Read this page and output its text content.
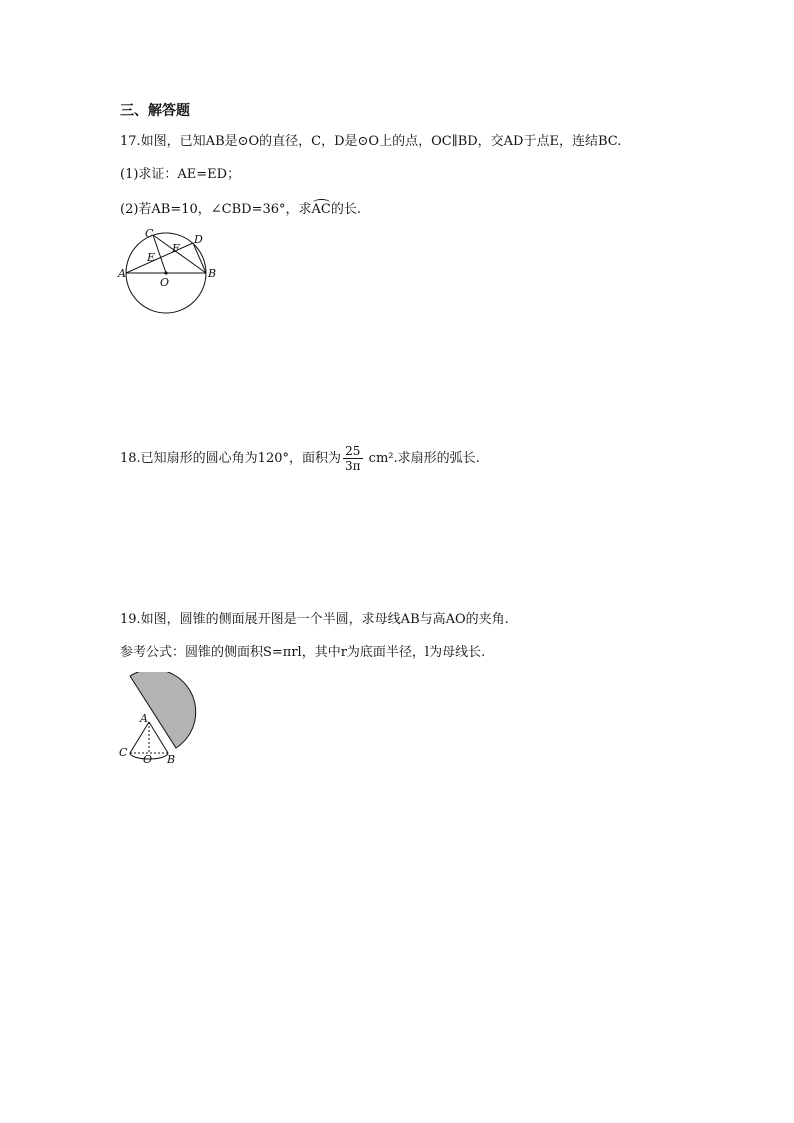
三、解答题
17.如图，已知AB是⊙O的直径，C，D是⊙O上的点，OC∥BD，交AD于点E，连结BC.
(1)求证：AE=ED；
(2)若AB=10，∠CBD=36°，求AC的长.
A	B
C	D
E
F
O
18.已知扇形的圆心角为120°，面积为 $\frac{25}{3\pi} cm^2$.求扇形的弧长.
19.如图，圆锥的侧面展开图是一个半圆，求母线AB与高AO的夹角.
参考公式：圆锥的侧面积S=πrl，其中r为底面半径，l为母线长.
A
C
O B
